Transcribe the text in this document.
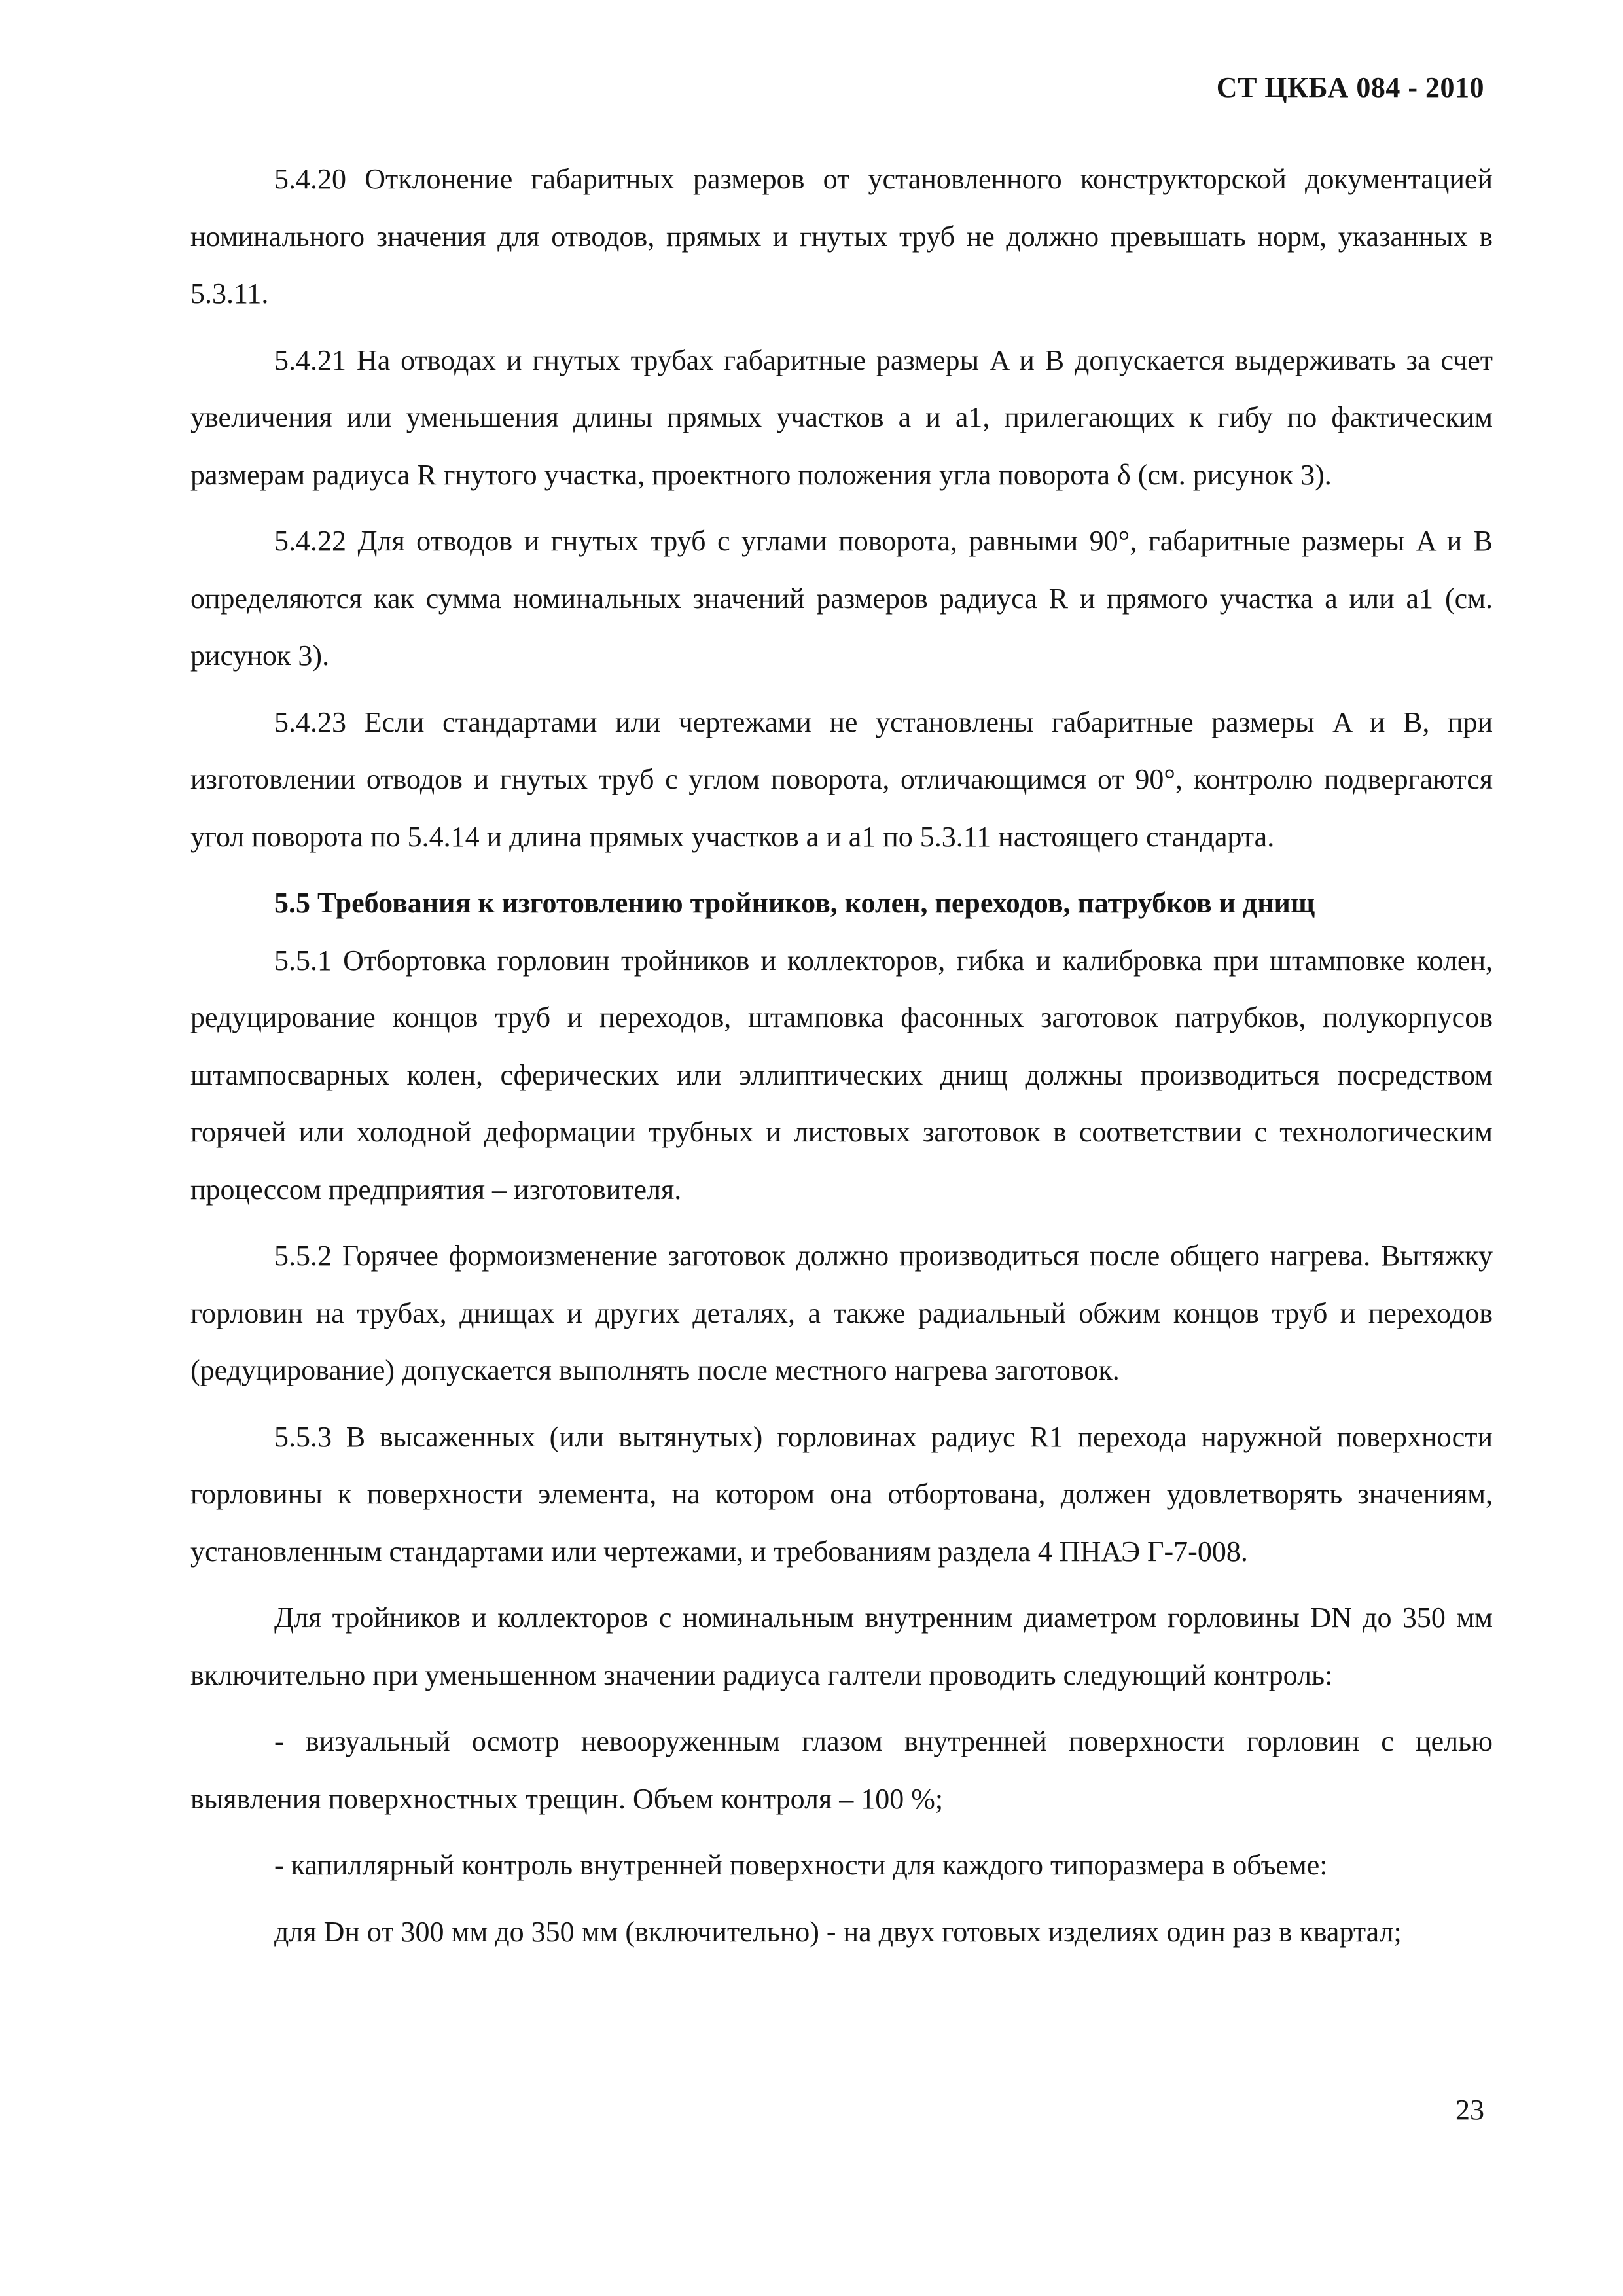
СТ ЦКБА 084 - 2010

5.4.20 Отклонение габаритных размеров от установленного конструкторской документацией номинального значения для отводов, прямых и гнутых труб не должно превышать норм, указанных в 5.3.11.

5.4.21 На отводах и гнутых трубах габаритные размеры A и B допускается выдерживать за счет увеличения или уменьшения длины прямых участков a и a1, прилегающих к гибу по фактическим размерам радиуса R гнутого участка, проектного положения угла поворота δ (см. рисунок 3).

5.4.22 Для отводов и гнутых труб с углами поворота, равными 90°, габаритные размеры A и B определяются как сумма номинальных значений размеров радиуса R и прямого участка a или a1 (см. рисунок 3).

5.4.23 Если стандартами или чертежами не установлены габаритные размеры A и B, при изготовлении отводов и гнутых труб с углом поворота, отличающимся от 90°, контролю подвергаются угол поворота по 5.4.14 и длина прямых участков a и a1 по 5.3.11 настоящего стандарта.

5.5 Требования к изготовлению тройников, колен, переходов, патрубков и днищ

5.5.1 Отбортовка горловин тройников и коллекторов, гибка и калибровка при штамповке колен, редуцирование концов труб и переходов, штамповка фасонных заготовок патрубков, полукорпусов штампосварных колен, сферических или эллиптических днищ должны производиться посредством горячей или холодной деформации трубных и листовых заготовок в соответствии с технологическим процессом предприятия – изготовителя.

5.5.2 Горячее формоизменение заготовок должно производиться после общего нагрева. Вытяжку горловин на трубах, днищах и других деталях, а также радиальный обжим концов труб и переходов (редуцирование) допускается выполнять после местного нагрева заготовок.

5.5.3 В высаженных (или вытянутых) горловинах радиус R1 перехода наружной поверхности горловины к поверхности элемента, на котором она отбортована, должен удовлетворять значениям, установленным стандартами или чертежами, и требованиям раздела 4 ПНАЭ Г-7-008.

Для тройников и коллекторов с номинальным внутренним диаметром горловины DN до 350 мм включительно при уменьшенном значении радиуса галтели проводить следующий контроль:

- визуальный осмотр невооруженным глазом внутренней поверхности горловин с целью выявления поверхностных трещин. Объем контроля – 100 %;

- капиллярный контроль внутренней поверхности для каждого типоразмера в объеме:

для Dн от 300 мм до 350 мм (включительно) - на двух готовых изделиях один раз в квартал;

23
